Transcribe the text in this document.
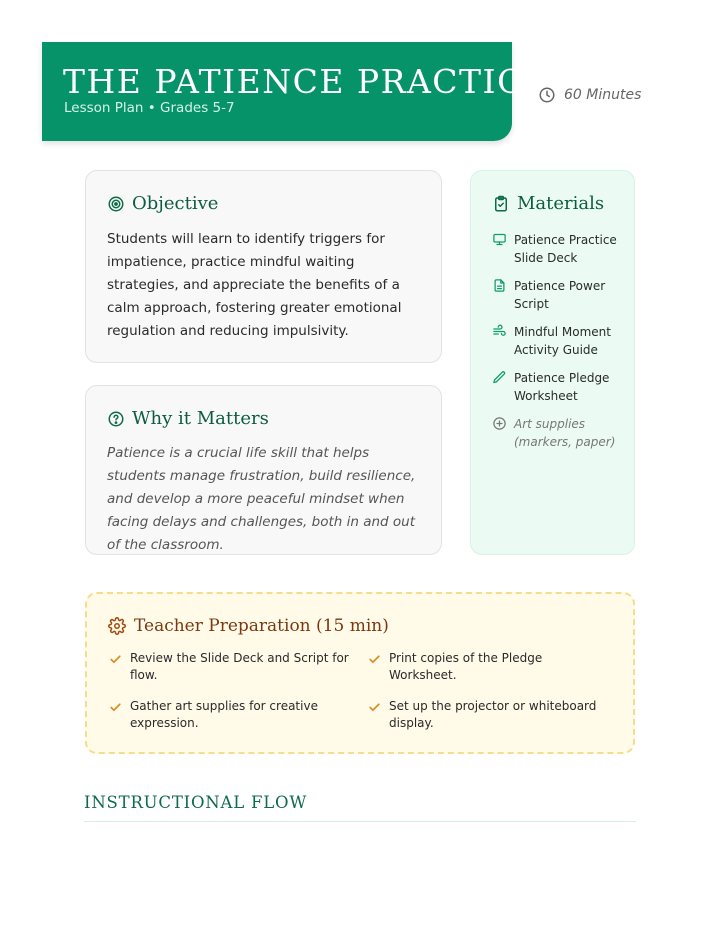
THE PATIENCE PRACTICE
Lesson Plan • Grades 5-7
60 Minutes
Objective
Students will learn to identify triggers for impatience, practice mindful waiting strategies, and appreciate the benefits of a calm approach, fostering greater emotional regulation and reducing impulsivity.
Why it Matters
Patience is a crucial life skill that helps students manage frustration, build resilience, and develop a more peaceful mindset when facing delays and challenges, both in and out of the classroom.
Materials
Patience Practice Slide Deck
Patience Power Script
Mindful Moment Activity Guide
Patience Pledge Worksheet
Art supplies (markers, paper)
Teacher Preparation (15 min)
Review the Slide Deck and Script for flow.
Print copies of the Pledge Worksheet.
Gather art supplies for creative expression.
Set up the projector or whiteboard display.
INSTRUCTIONAL FLOW
